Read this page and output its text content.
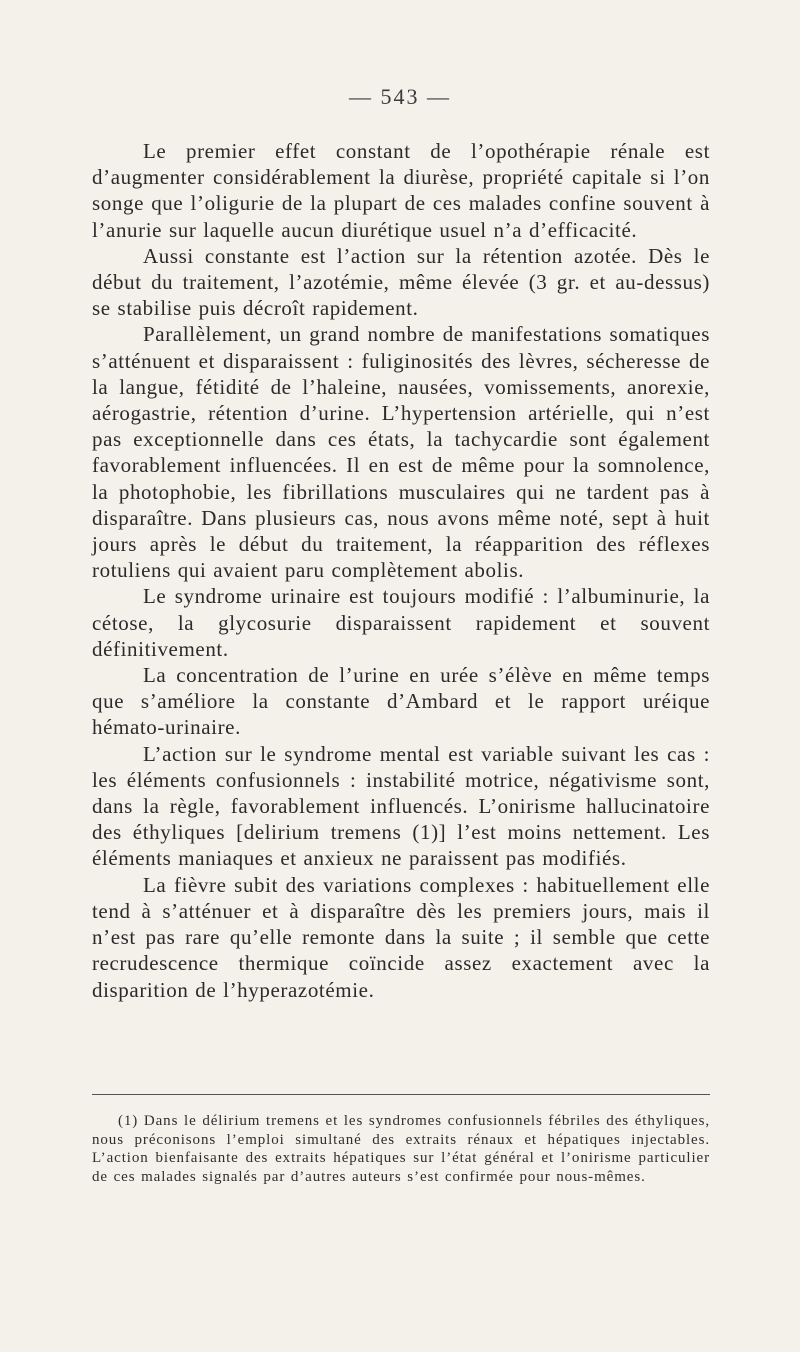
— 543 —

Le premier effet constant de l’opothérapie rénale est d’augmenter considérablement la diurèse, propriété capitale si l’on songe que l’oligurie de la plupart de ces malades confine souvent à l’anurie sur laquelle aucun diurétique usuel n’a d’efficacité.

Aussi constante est l’action sur la rétention azotée. Dès le début du traitement, l’azotémie, même élevée (3 gr. et au-dessus) se stabilise puis décroît rapidement.

Parallèlement, un grand nombre de manifestations somatiques s’atténuent et disparaissent : fuliginosités des lèvres, sécheresse de la langue, fétidité de l’haleine, nausées, vomissements, anorexie, aérogastrie, rétention d’urine. L’hypertension artérielle, qui n’est pas exceptionnelle dans ces états, la tachycardie sont également favorablement influencées. Il en est de même pour la somnolence, la photophobie, les fibrillations musculaires qui ne tardent pas à disparaître. Dans plusieurs cas, nous avons même noté, sept à huit jours après le début du traitement, la réapparition des réflexes rotuliens qui avaient paru complètement abolis.

Le syndrome urinaire est toujours modifié : l’albuminurie, la cétose, la glycosurie disparaissent rapidement et souvent définitivement.

La concentration de l’urine en urée s’élève en même temps que s’améliore la constante d’Ambard et le rapport uréique hémato-urinaire.

L’action sur le syndrome mental est variable suivant les cas : les éléments confusionnels : instabilité motrice, négativisme sont, dans la règle, favorablement influencés. L’onirisme hallucinatoire des éthyliques [delirium tremens (1)] l’est moins nettement. Les éléments maniaques et anxieux ne paraissent pas modifiés.

La fièvre subit des variations complexes : habituellement elle tend à s’atténuer et à disparaître dès les premiers jours, mais il n’est pas rare qu’elle remonte dans la suite ; il semble que cette recrudescence thermique coïncide assez exactement avec la disparition de l’hyperazotémie.

(1) Dans le délirium tremens et les syndromes confusionnels fébriles des éthyliques, nous préconisons l’emploi simultané des extraits rénaux et hépatiques injectables. L’action bienfaisante des extraits hépatiques sur l’état général et l’onirisme particulier de ces malades signalés par d’autres auteurs s’est confirmée pour nous-mêmes.
